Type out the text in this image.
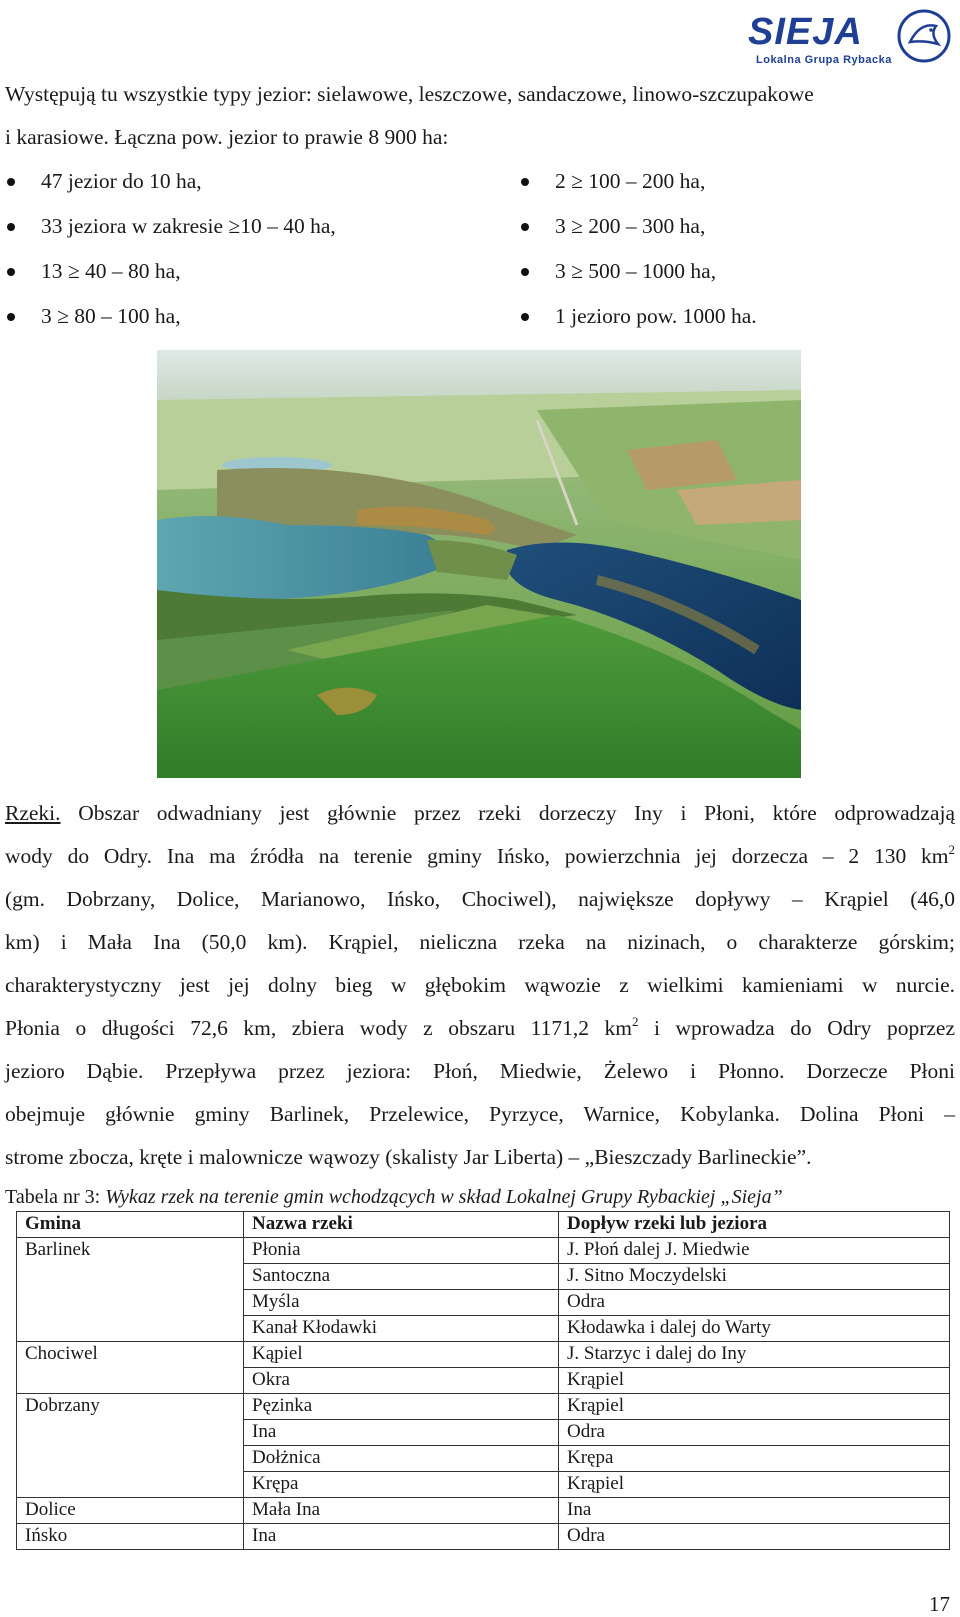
SIEJA
Lokalna Grupa Rybacka
Występują tu wszystkie typy jezior: sielawowe, leszczowe, sandaczowe, linowo-szczupakowe
i karasiowe. Łączna pow. jezior to prawie 8 900 ha:
47 jezior do 10 ha,
33 jeziora w zakresie ≥10 – 40 ha,
13 ≥ 40 – 80 ha,
3 ≥ 80 – 100 ha,
2 ≥ 100 – 200 ha,
3 ≥ 200 – 300 ha,
3 ≥ 500 – 1000 ha,
1 jezioro pow. 1000 ha.
Rzeki. Obszar odwadniany jest głównie przez rzeki dorzeczy Iny i Płoni, które odprowadzają
wody do Odry. Ina ma źródła na terenie gminy Ińsko, powierzchnia jej dorzecza – 2 130 $km^2$
(gm. Dobrzany, Dolice, Marianowo, Ińsko, Chociwel), największe dopływy – Krąpiel (46,0
km) i Mała Ina (50,0 km). Krąpiel, nieliczna rzeka na nizinach, o charakterze górskim;
charakterystyczny jest jej dolny bieg w głębokim wąwozie z wielkimi kamieniami w nurcie.
Płonia o długości 72,6 km, zbiera wody z obszaru 1171,2 $km^2$ i wprowadza do Odry poprzez
jezioro Dąbie. Przepływa przez jeziora: Płoń, Miedwie, Żelewo i Płonno. Dorzecze Płoni
obejmuje głównie gminy Barlinek, Przelewice, Pyrzyce, Warnice, Kobylanka. Dolina Płoni –
strome zbocza, kręte i malownicze wąwozy (skalisty Jar Liberta) – „Bieszczady Barlineckie”.
Tabela nr 3: Wykaz rzek na terenie gmin wchodzących w skład Lokalnej Grupy Rybackiej „Sieja”
Gmina	Nazwa rzeki	Dopływ rzeki lub jeziora
Barlinek	Płonia	J. Płoń dalej J. Miedwie
	Santoczna	J. Sitno Moczydelski
	Myśla	Odra
	Kanał Kłodawki	Kłodawka i dalej do Warty
Chociwel	Kąpiel	J. Starzyc i dalej do Iny
	Okra	Krąpiel
Dobrzany	Pęzinka	Krąpiel
	Ina	Odra
	Dołżnica	Krępa
	Krępa	Krąpiel
Dolice	Mała Ina	Ina
Ińsko	Ina	Odra
17
